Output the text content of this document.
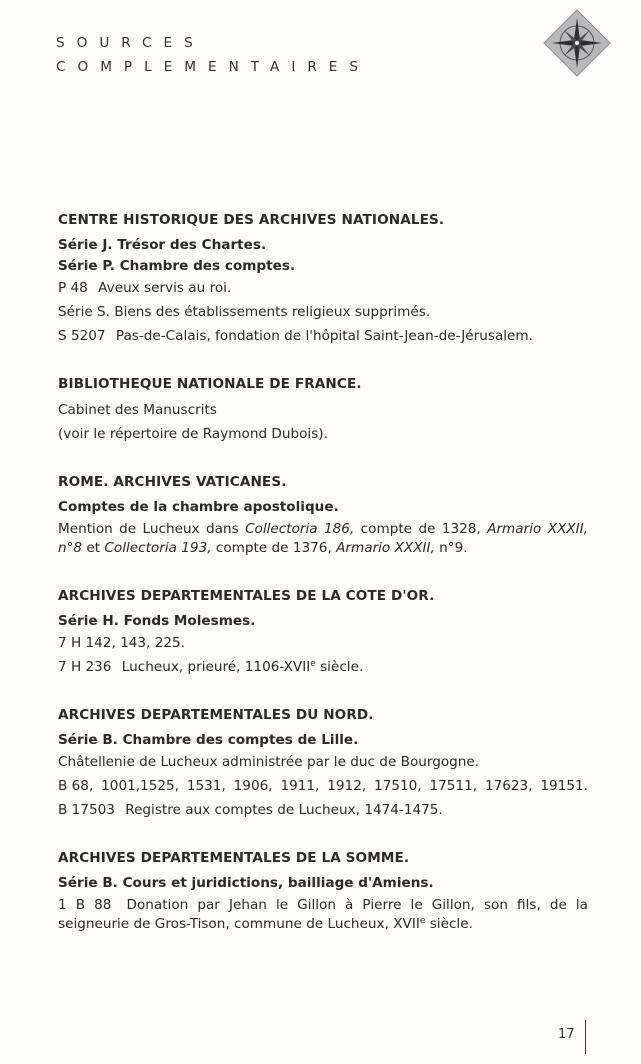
SOURCES
COMPLEMENTAIRES
CENTRE HISTORIQUE DES ARCHIVES NATIONALES.
Série J. Trésor des Chartes.
Série P. Chambre des comptes.
P 48 Aveux servis au roi.
Série S. Biens des établissements religieux supprimés.
S 5207 Pas-de-Calais, fondation de l'hôpital Saint-Jean-de-Jérusalem.
BIBLIOTHEQUE NATIONALE DE FRANCE.
Cabinet des Manuscrits
(voir le répertoire de Raymond Dubois).
ROME. ARCHIVES VATICANES.
Comptes de la chambre apostolique.
Mention de Lucheux dans Collectoria 186, compte de 1328, Armario XXXII, n°8 et Collectoria 193, compte de 1376, Armario XXXII, n°9.
ARCHIVES DEPARTEMENTALES DE LA COTE D'OR.
Série H. Fonds Molesmes.
7 H 142, 143, 225.
7 H 236 Lucheux, prieuré, 1106-XVIIe siècle.
ARCHIVES DEPARTEMENTALES DU NORD.
Série B. Chambre des comptes de Lille.
Châtellenie de Lucheux administrée par le duc de Bourgogne.
B 68, 1001,1525, 1531, 1906, 1911, 1912, 17510, 17511, 17623, 19151.
B 17503 Registre aux comptes de Lucheux, 1474-1475.
ARCHIVES DEPARTEMENTALES DE LA SOMME.
Série B. Cours et juridictions, bailliage d'Amiens.
1 B 88 Donation par Jehan le Gillon à Pierre le Gillon, son fils, de la seigneurie de Gros-Tison, commune de Lucheux, XVIIe siècle.
17
